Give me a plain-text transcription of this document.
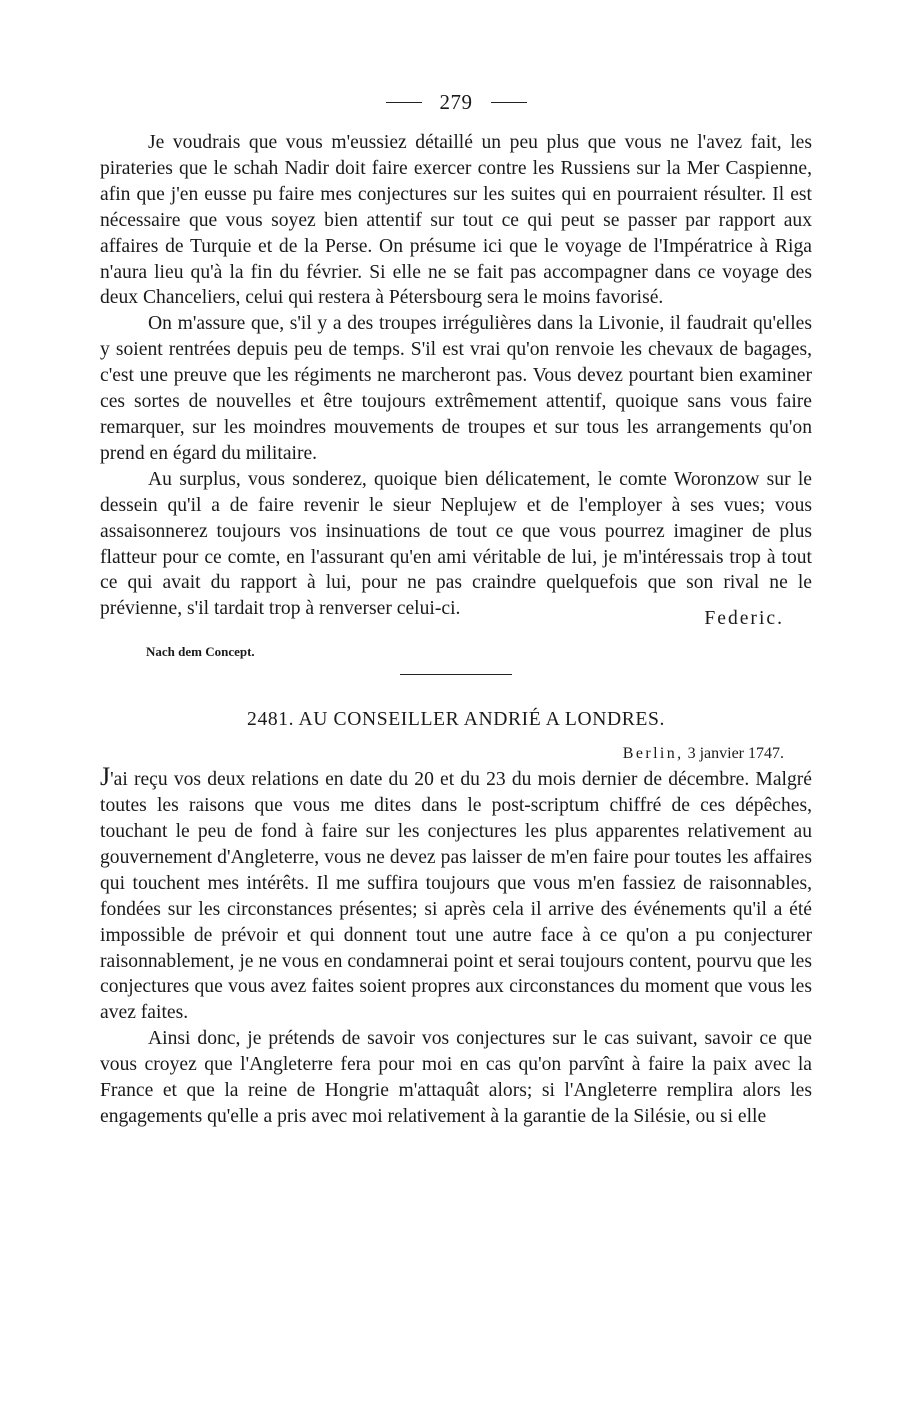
279

Je voudrais que vous m'eussiez détaillé un peu plus que vous ne l'avez fait, les pirateries que le schah Nadir doit faire exercer contre les Russiens sur la Mer Caspienne, afin que j'en eusse pu faire mes conjectures sur les suites qui en pourraient résulter. Il est nécessaire que vous soyez bien attentif sur tout ce qui peut se passer par rapport aux affaires de Turquie et de la Perse. On présume ici que le voyage de l'Impératrice à Riga n'aura lieu qu'à la fin du février. Si elle ne se fait pas accompagner dans ce voyage des deux Chanceliers, celui qui restera à Pétersbourg sera le moins favorisé.

On m'assure que, s'il y a des troupes irrégulières dans la Livonie, il faudrait qu'elles y soient rentrées depuis peu de temps. S'il est vrai qu'on renvoie les chevaux de bagages, c'est une preuve que les régiments ne marcheront pas. Vous devez pourtant bien examiner ces sortes de nouvelles et être toujours extrêmement attentif, quoique sans vous faire remarquer, sur les moindres mouvements de troupes et sur tous les arrangements qu'on prend en égard du militaire.

Au surplus, vous sonderez, quoique bien délicatement, le comte Woronzow sur le dessein qu'il a de faire revenir le sieur Neplujew et de l'employer à ses vues; vous assaisonnerez toujours vos insinuations de tout ce que vous pourrez imaginer de plus flatteur pour ce comte, en l'assurant qu'en ami véritable de lui, je m'intéressais trop à tout ce qui avait du rapport à lui, pour ne pas craindre quelquefois que son rival ne le prévienne, s'il tardait trop à renverser celui-ci.	Federic.
Nach dem Concept.
2481. AU CONSEILLER ANDRIÉ A LONDRES.
Berlin, 3 janvier 1747.

J'ai reçu vos deux relations en date du 20 et du 23 du mois dernier de décembre. Malgré toutes les raisons que vous me dites dans le post-scriptum chiffré de ces dépêches, touchant le peu de fond à faire sur les conjectures les plus apparentes relativement au gouvernement d'Angleterre, vous ne devez pas laisser de m'en faire pour toutes les affaires qui touchent mes intérêts. Il me suffira toujours que vous m'en fassiez de raisonnables, fondées sur les circonstances présentes; si après cela il arrive des événements qu'il a été impossible de prévoir et qui donnent tout une autre face à ce qu'on a pu conjecturer raisonnablement, je ne vous en condamnerai point et serai toujours content, pourvu que les conjectures que vous avez faites soient propres aux circonstances du moment que vous les avez faites.

Ainsi donc, je prétends de savoir vos conjectures sur le cas suivant, savoir ce que vous croyez que l'Angleterre fera pour moi en cas qu'on parvînt à faire la paix avec la France et que la reine de Hongrie m'attaquât alors; si l'Angleterre remplira alors les engagements qu'elle a pris avec moi relativement à la garantie de la Silésie, ou si elle
